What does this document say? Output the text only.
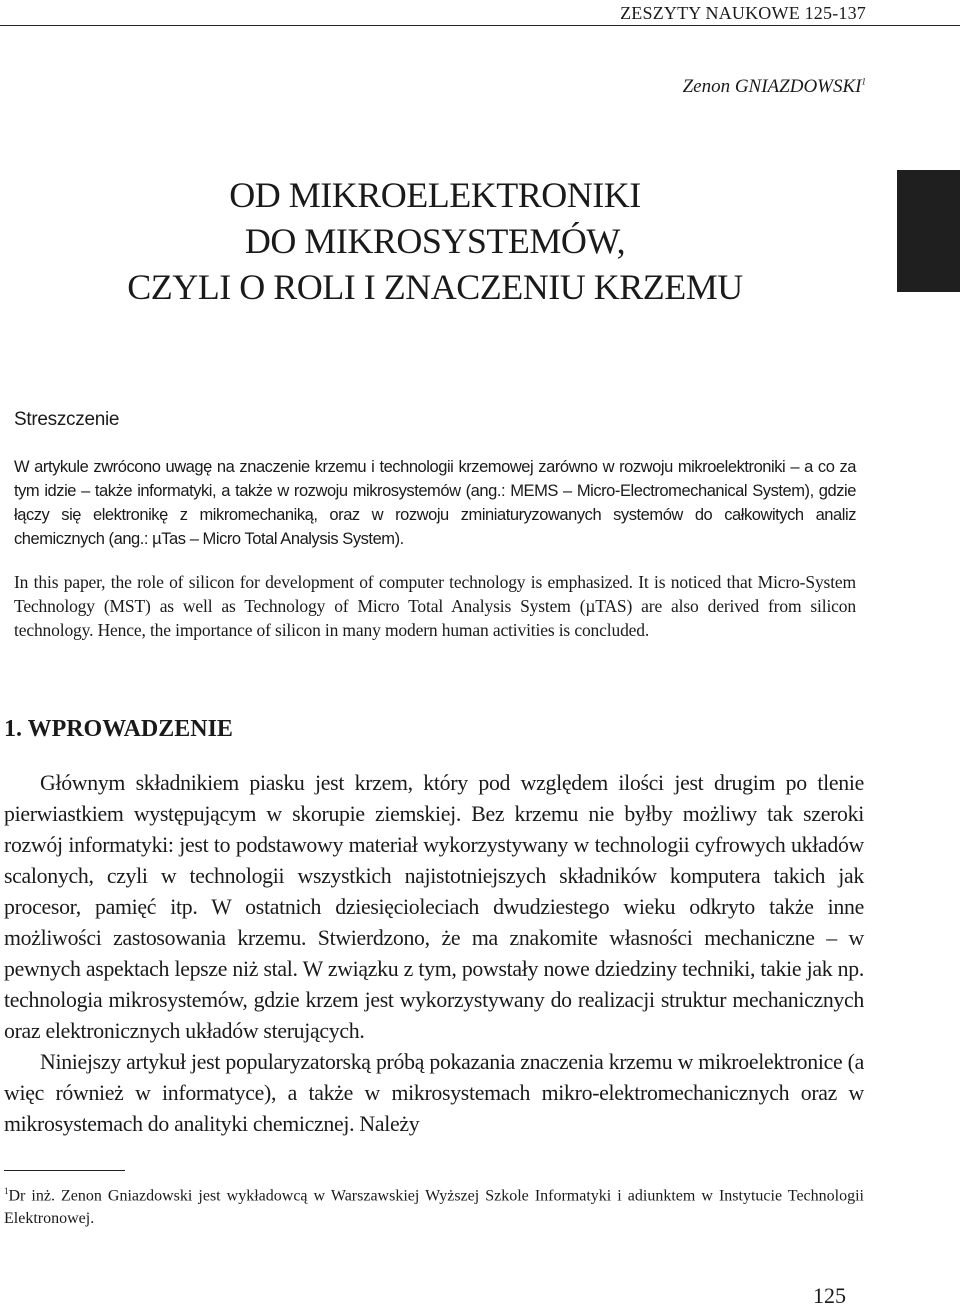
ZESZYTY NAUKOWE 125-137
Zenon GNIAZDOWSKI$^1$
OD MIKROELEKTRONIKI
DO MIKROSYSTEMÓW,
CZYLI O ROLI I ZNACZENIU KRZEMU
Streszczenie
W artykule zwrócono uwagę na znaczenie krzemu i technologii krzemowej zarówno w rozwoju mikroelektroniki – a co za tym idzie – także informatyki, a także w rozwoju mikrosystemów (ang.: MEMS – Micro-Electromechanical System), gdzie łączy się elektronikę z mikromechaniką, oraz w rozwoju zminiaturyzowanych systemów do całkowitych analiz chemicznych (ang.: µTas – Micro Total Analysis System).
In this paper, the role of silicon for development of computer technology is emphasized. It is noticed that Micro-System Technology (MST) as well as Technology of Micro Total Analysis System (µTAS) are also derived from silicon technology. Hence, the importance of silicon in many modern human activities is concluded.
1. WPROWADZENIE

Głównym składnikiem piasku jest krzem, który pod względem ilości jest drugim po tlenie pierwiastkiem występującym w skorupie ziemskiej. Bez krzemu nie byłby możliwy tak szeroki rozwój informatyki: jest to podstawowy materiał wykorzystywany w technologii cyfrowych układów scalonych, czyli w technologii wszystkich najistotniejszych składników komputera takich jak procesor, pamięć itp. W ostatnich dziesięcioleciach dwudziestego wieku odkryto także inne możliwości zastosowania krzemu. Stwierdzono, że ma znakomite własności mechaniczne – w pewnych aspektach lepsze niż stal. W związku z tym, powstały nowe dziedziny techniki, takie jak np. technologia mikrosystemów, gdzie krzem jest wykorzystywany do realizacji struktur mechanicznych oraz elektronicznych układów sterujących.

Niniejszy artykuł jest popularyzatorską próbą pokazania znaczenia krzemu w mikroelektronice (a więc również w informatyce), a także w mikrosystemach mikro-elektromechanicznych oraz w mikrosystemach do analityki chemicznej. Należy

$^1$Dr inż. Zenon Gniazdowski jest wykładowcą w Warszawskiej Wyższej Szkole Informatyki i adiunktem w Instytucie Technologii Elektronowej.
125
